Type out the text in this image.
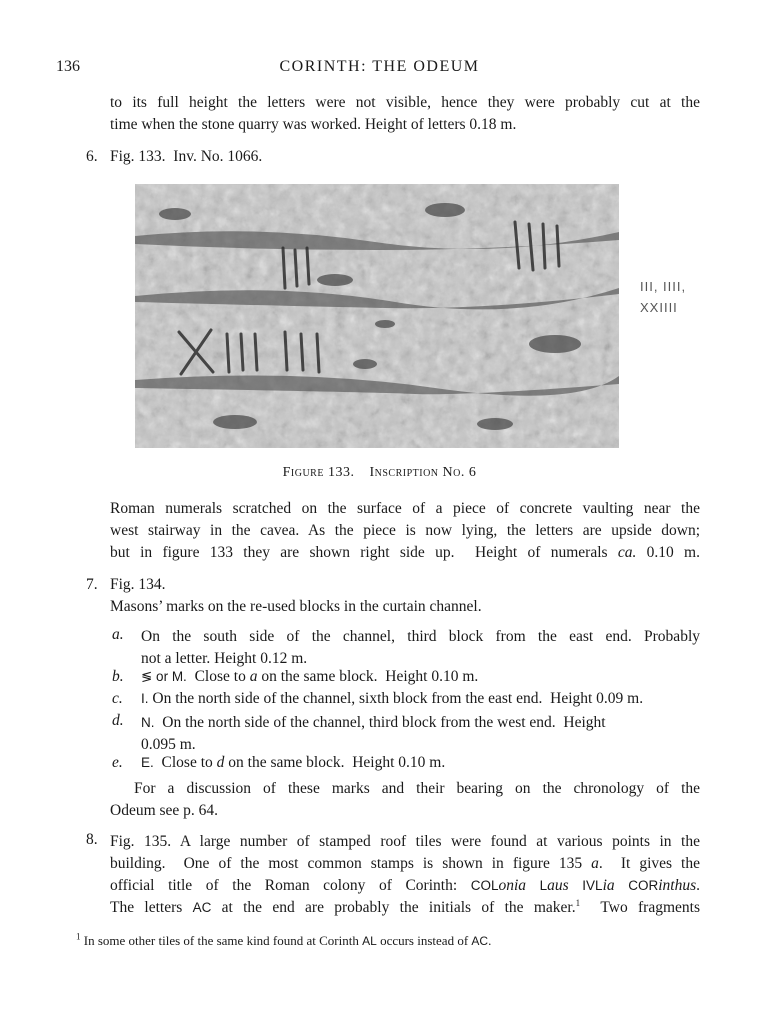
136	CORINTH: THE ODEUM
to its full height the letters were not visible, hence they were probably cut at the
time when the stone quarry was worked. Height of letters 0.18 m.
6. Fig. 133.  Inv. No. 1066.
III, IIII,
XXIIII
Figure 133. Inscription No. 6
Roman numerals scratched on the surface of a piece of concrete vaulting near the
west stairway in the cavea. As the piece is now lying, the letters are upside down;
but in figure 133 they are shown right side up.  Height of numerals ca. 0.10 m.
7. Fig. 134.
Masons’ marks on the re-used blocks in the curtain channel.
a. On the south side of the channel, third block from the east end. Probably
not a letter. Height 0.12 m.
b. ≶ or M.  Close to a on the same block.  Height 0.10 m.
c. I. On the north side of the channel, sixth block from the east end.  Height 0.09 m.
d. N.  On the north side of the channel, third block from the west end.  Height
0.095 m.
e. E.  Close to d on the same block.  Height 0.10 m.
For a discussion of these marks and their bearing on the chronology of the
Odeum see p. 64.
8. Fig. 135. A large number of stamped roof tiles were found at various points in the
building.  One of the most common stamps is shown in figure 135 a.  It gives the
official title of the Roman colony of Corinth: COLonia Laus IVLia CORinthus.
The letters AC at the end are probably the initials of the maker.$^1$  Two fragments
$^1$ In some other tiles of the same kind found at Corinth AL occurs instead of AC.
